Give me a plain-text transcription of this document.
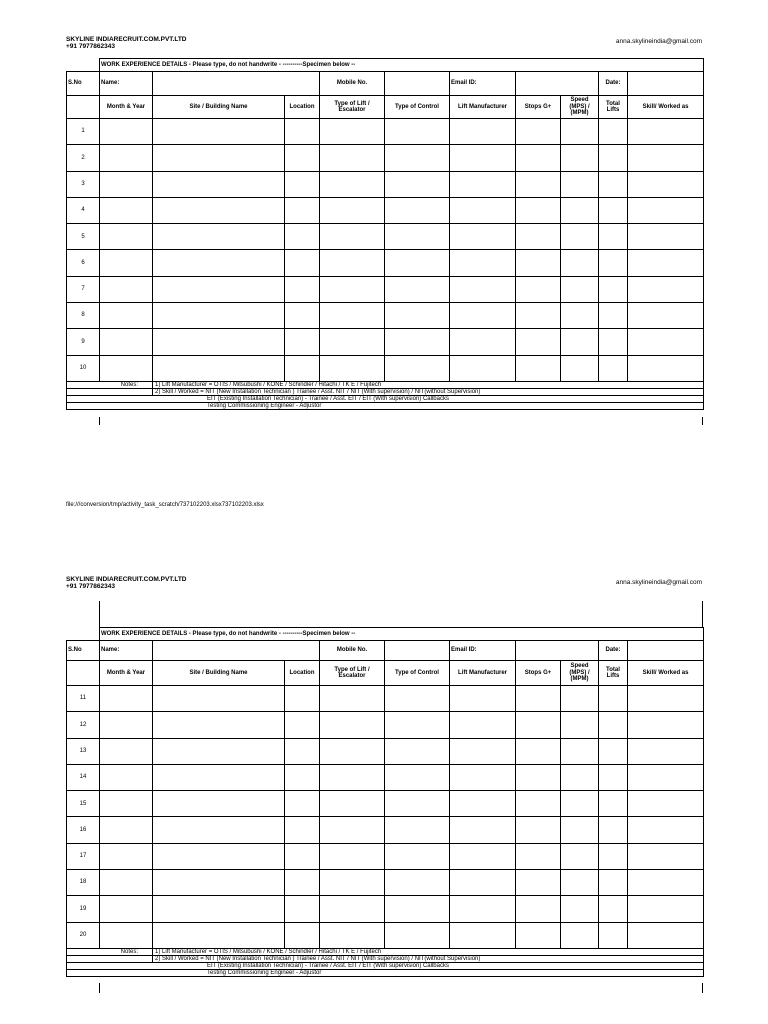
SKYLINE INDIARECRUIT.COM.PVT.LTD
+91 7977862343
anna.skylineindia@gmail.com
	WORK EXPERIENCE DETAILS - Please type, do not handwrite - ----------Specimen below --									
S.No	Name:			Mobile No.		Email ID:			Date:	
	Month & Year	Site / Building Name	Location	Type of Lift / Escalator	Type of Control	Lift Manufacturer	Stops G+	Speed (MPS) / (MPM)	Total Lifts	Skill/ Worked as
1										
2										
3										
4										
5										
6										
7										
8										
9										
10										
Notes:		1) Lift Manufacturer = OTIS / Mitsubushi / KONE / Schindler / Hitachi / TK E / Fujitech								
		2) Skill / Worked = NIT (New Installation Technician ) Trainee / Asst. NIT / NIT (With supervision) / NIT(without Supervision)								
EIT (Existing Installation Technician) - Trainee / Asst. EIT / EIT (With supervision) Callbacks										
Testing Commissioning Engineer - Adjustor										
file:///conversion/tmp/activity_task_scratch/737102203.xlsx737102203.xlsx
SKYLINE INDIARECRUIT.COM.PVT.LTD
+91 7977862343
anna.skylineindia@gmail.com
	WORK EXPERIENCE DETAILS - Please type, do not handwrite - ----------Specimen below --									
S.No	Name:			Mobile No.		Email ID:			Date:	
	Month & Year	Site / Building Name	Location	Type of Lift / Escalator	Type of Control	Lift Manufacturer	Stops G+	Speed (MPS) / (MPM)	Total Lifts	Skill/ Worked as
11										
12										
13										
14										
15										
16										
17										
18										
19										
20										
Notes:		1) Lift Manufacturer = OTIS / Mitsubushi / KONE / Schindler / Hitachi / TK E / Fujitech								
		2) Skill / Worked = NIT (New Installation Technician ) Trainee / Asst. NIT / NIT (With supervision) / NIT(without Supervision)								
EIT (Existing Installation Technician) - Trainee / Asst. EIT / EIT (With supervision) Callbacks										
Testing Commissioning Engineer - Adjustor										
